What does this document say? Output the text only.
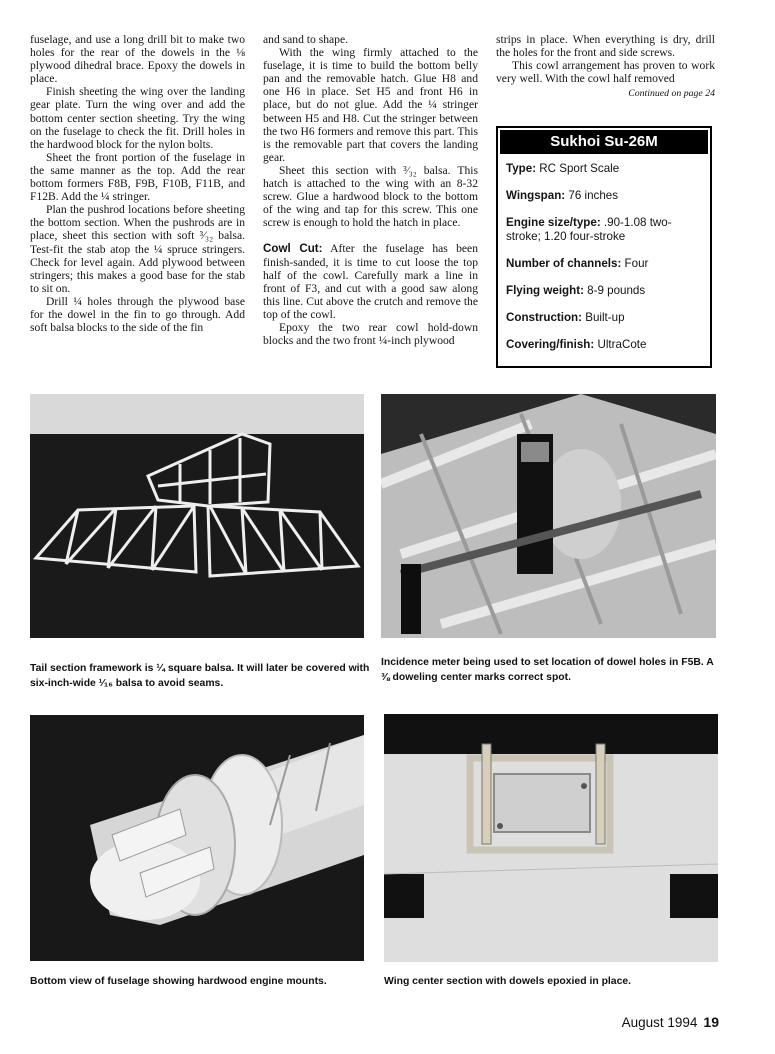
fuselage, and use a long drill bit to make two holes for the rear of the dowels in the ⅛ plywood dihedral brace. Epoxy the dowels in place.

Finish sheeting the wing over the landing gear plate. Turn the wing over and add the bottom center section sheeting. Try the wing on the fuselage to check the fit. Drill holes in the hardwood block for the nylon bolts.

Sheet the front portion of the fuselage in the same manner as the top. Add the rear bottom formers F8B, F9B, F10B, F11B, and F12B. Add the ¼ stringer.

Plan the pushrod locations before sheeting the bottom section. When the pushrods are in place, sheet this section with soft ³⁄₃₂ balsa. Test-fit the stab atop the ¼ spruce stringers. Check for level again. Add plywood between stringers; this makes a good base for the stab to sit on.

Drill ¼ holes through the plywood base for the dowel in the fin to go through. Add soft balsa blocks to the side of the fin

and sand to shape.

With the wing firmly attached to the fuselage, it is time to build the bottom belly pan and the removable hatch. Glue H8 and one H6 in place. Set H5 and front H6 in place, but do not glue. Add the ¼ stringer between H5 and H8. Cut the stringer between the two H6 formers and remove this part. This is the removable part that covers the landing gear.

Sheet this section with ³⁄₃₂ balsa. This hatch is attached to the wing with an 8-32 screw. Glue a hardwood block to the bottom of the wing and tap for this screw. This one screw is enough to hold the hatch in place.

Cowl Cut: After the fuselage has been finish-sanded, it is time to cut loose the top half of the cowl. Carefully mark a line in front of F3, and cut with a good saw along this line. Cut above the crutch and remove the top of the cowl.

Epoxy the two rear cowl hold-down blocks and the two front ¼-inch plywood

strips in place. When everything is dry, drill the holes for the front and side screws.

This cowl arrangement has proven to work very well. With the cowl half removed

Continued on page 24
Sukhoi Su-26M
Type: RC Sport Scale
Wingspan: 76 inches
Engine size/type: .90-1.08 two-stroke; 1.20 four-stroke
Number of channels: Four
Flying weight: 8-9 pounds
Construction: Built-up
Covering/finish: UltraCote
Tail section framework is ¼ square balsa. It will later be covered with six-inch-wide ¹⁄₁₆ balsa to avoid seams.
Incidence meter being used to set location of dowel holes in F5B. A ⅜ doweling center marks correct spot.
Bottom view of fuselage showing hardwood engine mounts.	Wing center section with dowels epoxied in place.
August 1994 19
